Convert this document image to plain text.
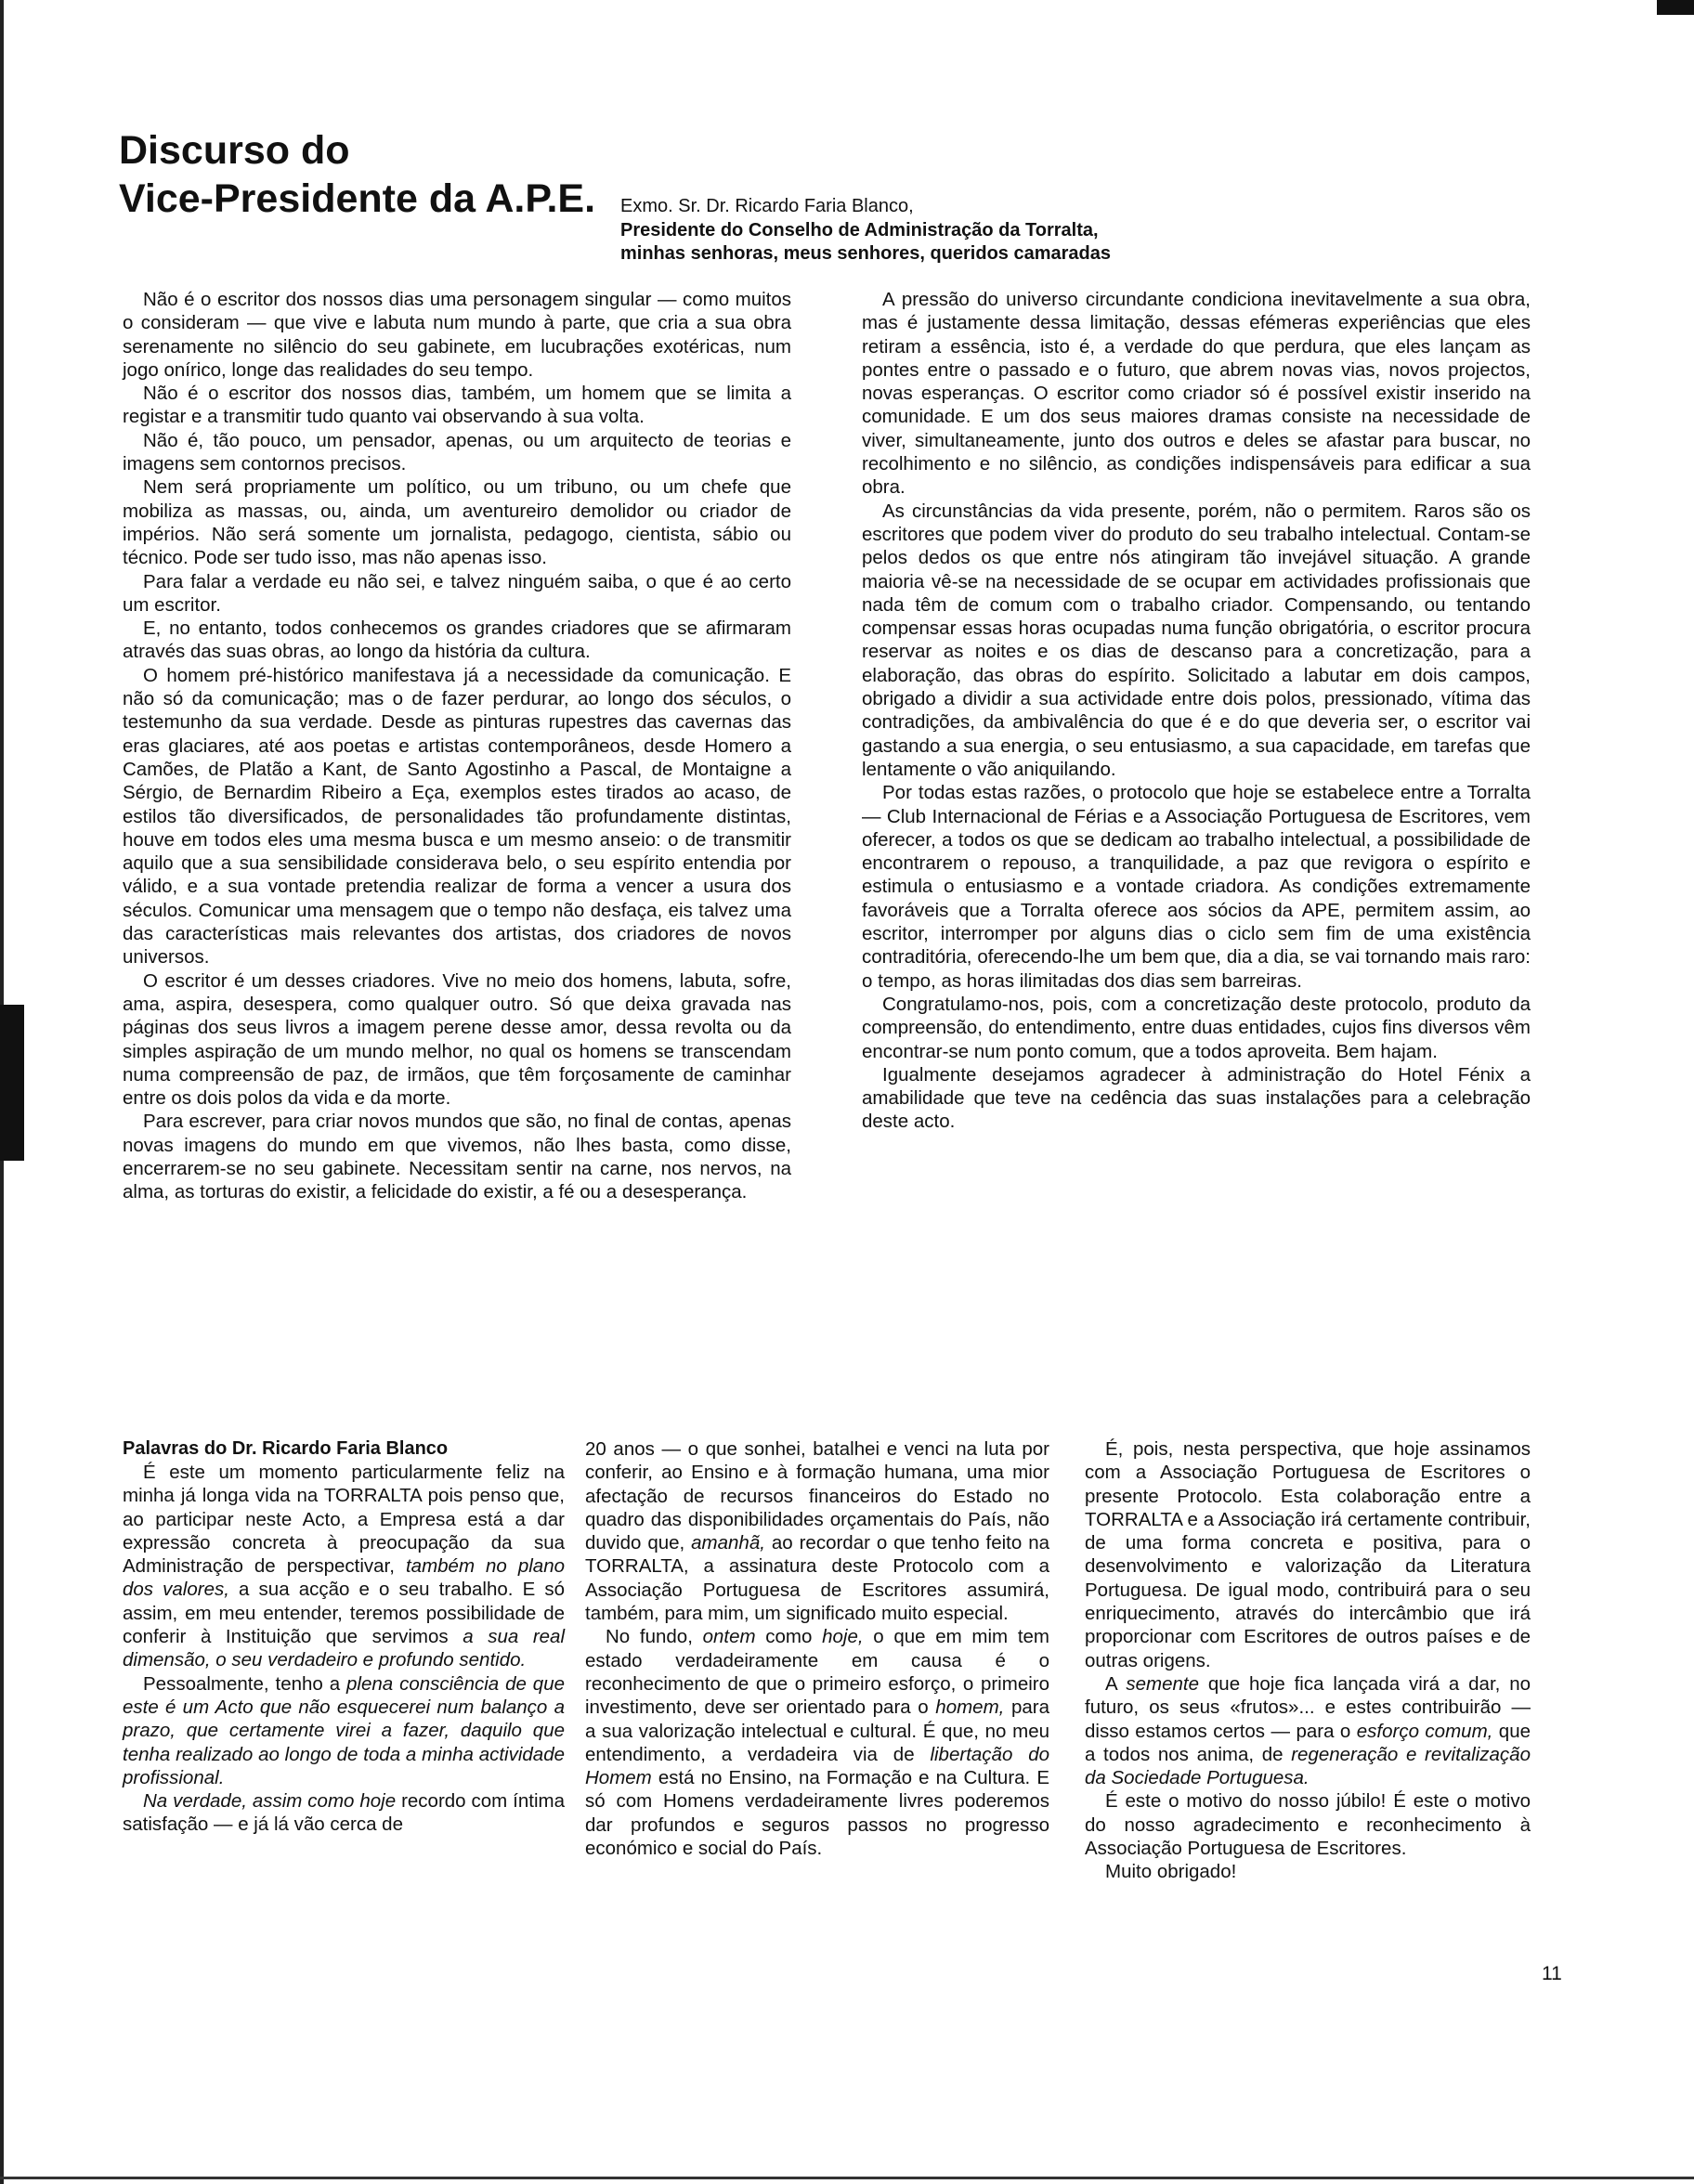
Discurso do
Vice-Presidente da A.P.E.	Exmo. Sr. Dr. Ricardo Faria Blanco,
Presidente do Conselho de Administração da Torralta,
minhas senhoras, meus senhores, queridos camaradas

Não é o escritor dos nossos dias uma personagem singular — como muitos o consideram — que vive e labuta num mundo à parte, que cria a sua obra serenamente no silêncio do seu gabinete, em lucubrações exotéricas, num jogo onírico, longe das realidades do seu tempo.

Não é o escritor dos nossos dias, também, um homem que se limita a registar e a transmitir tudo quanto vai observando à sua volta.

Não é, tão pouco, um pensador, apenas, ou um arquitecto de teorias e imagens sem contornos precisos.

Nem será propriamente um político, ou um tribuno, ou um chefe que mobiliza as massas, ou, ainda, um aventureiro demolidor ou criador de impérios. Não será somente um jornalista, pedagogo, cientista, sábio ou técnico. Pode ser tudo isso, mas não apenas isso.

Para falar a verdade eu não sei, e talvez ninguém saiba, o que é ao certo um escritor.

E, no entanto, todos conhecemos os grandes criadores que se afirmaram através das suas obras, ao longo da história da cultura.

O homem pré-histórico manifestava já a necessidade da comunicação. E não só da comunicação; mas o de fazer perdurar, ao longo dos séculos, o testemunho da sua verdade. Desde as pinturas rupestres das cavernas das eras glaciares, até aos poetas e artistas contemporâneos, desde Homero a Camões, de Platão a Kant, de Santo Agostinho a Pascal, de Montaigne a Sérgio, de Bernardim Ribeiro a Eça, exemplos estes tirados ao acaso, de estilos tão diversificados, de personalidades tão profundamente distintas, houve em todos eles uma mesma busca e um mesmo anseio: o de transmitir aquilo que a sua sensibilidade considerava belo, o seu espírito entendia por válido, e a sua vontade pretendia realizar de forma a vencer a usura dos séculos. Comunicar uma mensagem que o tempo não desfaça, eis talvez uma das características mais relevantes dos artistas, dos criadores de novos universos.

O escritor é um desses criadores. Vive no meio dos homens, labuta, sofre, ama, aspira, desespera, como qualquer outro. Só que deixa gravada nas páginas dos seus livros a imagem perene desse amor, dessa revolta ou da simples aspiração de um mundo melhor, no qual os homens se transcendam numa compreensão de paz, de irmãos, que têm forçosamente de caminhar entre os dois polos da vida e da morte.

Para escrever, para criar novos mundos que são, no final de contas, apenas novas imagens do mundo em que vivemos, não lhes basta, como disse, encerrarem-se no seu gabinete. Necessitam sentir na carne, nos nervos, na alma, as torturas do existir, a felicidade do existir, a fé ou a desesperança.

A pressão do universo circundante condiciona inevitavelmente a sua obra, mas é justamente dessa limitação, dessas efémeras experiências que eles retiram a essência, isto é, a verdade do que perdura, que eles lançam as pontes entre o passado e o futuro, que abrem novas vias, novos projectos, novas esperanças. O escritor como criador só é possível existir inserido na comunidade. E um dos seus maiores dramas consiste na necessidade de viver, simultaneamente, junto dos outros e deles se afastar para buscar, no recolhimento e no silêncio, as condições indispensáveis para edificar a sua obra.

As circunstâncias da vida presente, porém, não o permitem. Raros são os escritores que podem viver do produto do seu trabalho intelectual. Contam-se pelos dedos os que entre nós atingiram tão invejável situação. A grande maioria vê-se na necessidade de se ocupar em actividades profissionais que nada têm de comum com o trabalho criador. Compensando, ou tentando compensar essas horas ocupadas numa função obrigatória, o escritor procura reservar as noites e os dias de descanso para a concretização, para a elaboração, das obras do espírito. Solicitado a labutar em dois campos, obrigado a dividir a sua actividade entre dois polos, pressionado, vítima das contradições, da ambivalência do que é e do que deveria ser, o escritor vai gastando a sua energia, o seu entusiasmo, a sua capacidade, em tarefas que lentamente o vão aniquilando.

Por todas estas razões, o protocolo que hoje se estabelece entre a Torralta — Club Internacional de Férias e a Associação Portuguesa de Escritores, vem oferecer, a todos os que se dedicam ao trabalho intelectual, a possibilidade de encontrarem o repouso, a tranquilidade, a paz que revigora o espírito e estimula o entusiasmo e a vontade criadora. As condições extremamente favoráveis que a Torralta oferece aos sócios da APE, permitem assim, ao escritor, interromper por alguns dias o ciclo sem fim de uma existência contraditória, oferecendo-lhe um bem que, dia a dia, se vai tornando mais raro: o tempo, as horas ilimitadas dos dias sem barreiras.

Congratulamo-nos, pois, com a concretização deste protocolo, produto da compreensão, do entendimento, entre duas entidades, cujos fins diversos vêm encontrar-se num ponto comum, que a todos aproveita. Bem hajam.

Igualmente desejamos agradecer à administração do Hotel Fénix a amabilidade que teve na cedência das suas instalações para a celebração deste acto.

Palavras do Dr. Ricardo Faria Blanco

É este um momento particularmente feliz na minha já longa vida na TORRALTA pois penso que, ao participar neste Acto, a Empresa está a dar expressão concreta à preocupação da sua Administração de perspectivar, também no plano dos valores, a sua acção e o seu trabalho. E só assim, em meu entender, teremos possibilidade de conferir à Instituição que servimos a sua real dimensão, o seu verdadeiro e profundo sentido.

Pessoalmente, tenho a plena consciência de que este é um Acto que não esquecerei num balanço a prazo, que certamente virei a fazer, daquilo que tenha realizado ao longo de toda a minha actividade profissional.

Na verdade, assim como hoje recordo com íntima satisfação — e já lá vão cerca de

20 anos — o que sonhei, batalhei e venci na luta por conferir, ao Ensino e à formação humana, uma mior afectação de recursos financeiros do Estado no quadro das disponibilidades orçamentais do País, não duvido que, amanhã, ao recordar o que tenho feito na TORRALTA, a assinatura deste Protocolo com a Associação Portuguesa de Escritores assumirá, também, para mim, um significado muito especial.

No fundo, ontem como hoje, o que em mim tem estado verdadeiramente em causa é o reconhecimento de que o primeiro esforço, o primeiro investimento, deve ser orientado para o homem, para a sua valorização intelectual e cultural. É que, no meu entendimento, a verdadeira via de libertação do Homem está no Ensino, na Formação e na Cultura. E só com Homens verdadeiramente livres poderemos dar profundos e seguros passos no progresso económico e social do País.

É, pois, nesta perspectiva, que hoje assinamos com a Associação Portuguesa de Escritores o presente Protocolo. Esta colaboração entre a TORRALTA e a Associação irá certamente contribuir, de uma forma concreta e positiva, para o desenvolvimento e valorização da Literatura Portuguesa. De igual modo, contribuirá para o seu enriquecimento, através do intercâmbio que irá proporcionar com Escritores de outros países e de outras origens.

A semente que hoje fica lançada virá a dar, no futuro, os seus «frutos»... e estes contribuirão — disso estamos certos — para o esforço comum, que a todos nos anima, de regeneração e revitalização da Sociedade Portuguesa.

É este o motivo do nosso júbilo! É este o motivo do nosso agradecimento e reconhecimento à Associação Portuguesa de Escritores.

Muito obrigado!

11
